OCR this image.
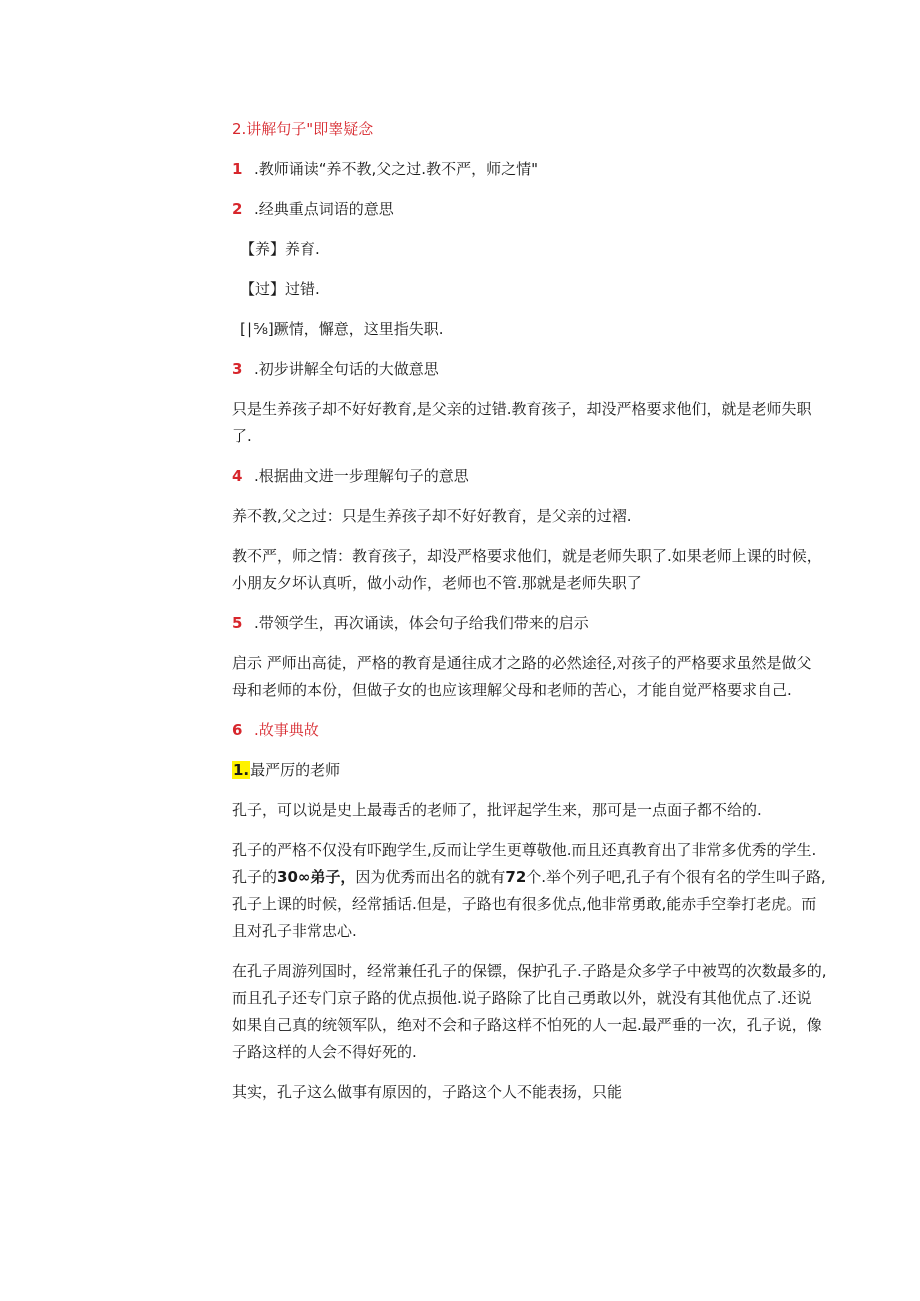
2.讲解句子"即睾疑念

1 .教师诵读“养不教,父之过.教不严，师之情"

2 .经典重点词语的意思

【养】养育.

【过】过错.

[∣⅝]蹶情，懈意，这里指失职.

3 .初步讲解全句话的大做意思

只是生养孩子却不好好教育,是父亲的过错.教育孩子，却没严格要求他们，就是老师失职

了.

4 .根据曲文进一步理解句子的意思

养不教,父之过：只是生养孩子却不好好教育，是父亲的过褶.

教不严，师之情：教育孩子，却没严格要求他们，就是老师失职了.如果老师上课的时候，

小朋友夕坏认真听，做小动作，老师也不管.那就是老师失职了

5 .带领学生，再次诵读，体会句子给我们带来的启示

启示 严师出高徒，严格的教育是通往成才之路的必然途径,对孩子的严格要求虽然是做父

母和老师的本份，但做子女的也应该理解父母和老师的苦心，才能自觉严格要求自己.

6 .故事典故

1.最严厉的老师

孔子，可以说是史上最毒舌的老师了，批评起学生来，那可是一点面子都不给的.

孔子的严格不仅没有吓跑学生,反而让学生更尊敬他.而且还真教育出了非常多优秀的学生.

孔子的30∞弟子，因为优秀而出名的就有72个.举个列子吧,孔子有个很有名的学生叫子路,

孔子上课的时候，经常插话.但是，子路也有很多优点,他非常勇敢,能赤手空拳打老虎。而

且对孔子非常忠心.

在孔子周游列国时，经常兼任孔子的保镖，保护孔子.子路是众多学子中被骂的次数最多的,

而且孔子还专门京子路的优点损他.说子路除了比自己勇敢以外，就没有其他优点了.还说

如果自己真的统领军队，绝对不会和子路这样不怕死的人一起.最严垂的一次，孔子说，像

子路这样的人会不得好死的.

其实，孔子这么做事有原因的，子路这个人不能表扬，只能
